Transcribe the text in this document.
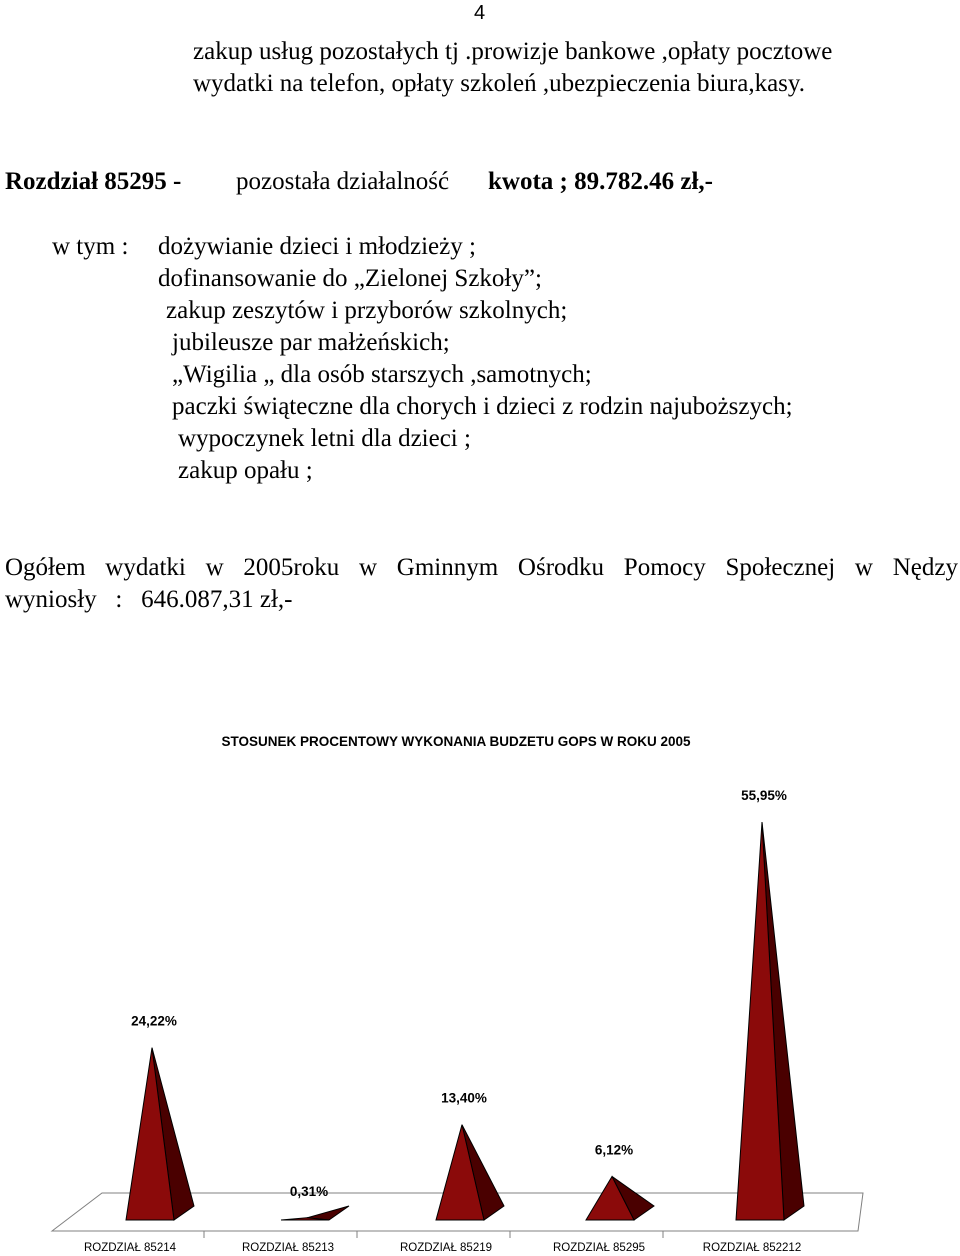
4
zakup usług pozostałych tj .prowizje bankowe ,opłaty pocztowe
wydatki na telefon, opłaty szkoleń ,ubezpieczenia biura,kasy.
Rozdział 85295 - pozostała działalność kwota ; 89.782.46 zł,-
w tym : dożywianie dzieci i młodzieży ;
dofinansowanie do „Zielonej Szkoły”;
zakup zeszytów i przyborów szkolnych;
jubileusze par małżeńskich;
„Wigilia „ dla osób starszych ,samotnych;
paczki świąteczne dla chorych i dzieci z rodzin najuboższych;
wypoczynek letni dla dzieci ;
zakup opału ;
Ogółem wydatki w 2005roku w Gminnym Ośrodku Pomocy Społecznej w Nędzy
wyniosły   :   646.087,31 zł,-
STOSUNEK PROCENTOWY WYKONANIA BUDZETU GOPS W ROKU 2005
24,22%
ROZDZIAŁ 85214
0,31%
ROZDZIAŁ 85213
13,40%
ROZDZIAŁ 85219
6,12%
ROZDZIAŁ 85295
55,95%
ROZDZIAŁ 852212
